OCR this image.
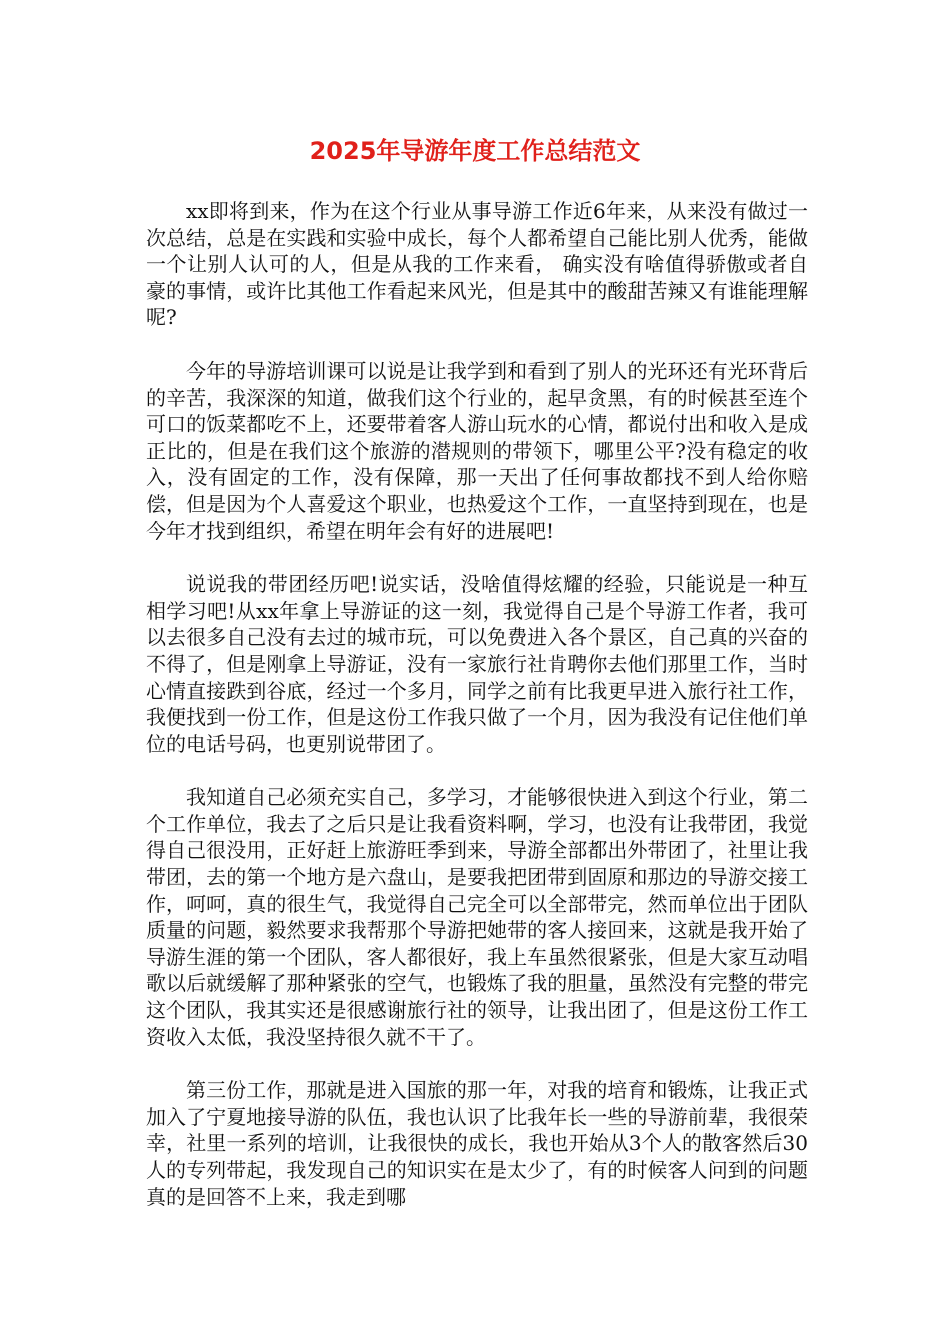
2025年导游年度工作总结范文

xx即将到来，作为在这个行业从事导游工作近6年来，从来没有做过一次总结，总是在实践和实验中成长，每个人都希望自己能比别人优秀，能做一个让别人认可的人，但是从我的工作来看， 确实没有啥值得骄傲或者自豪的事情，或许比其他工作看起来风光，但是其中的酸甜苦辣又有谁能理解呢?

今年的导游培训课可以说是让我学到和看到了别人的光环还有光环背后的辛苦，我深深的知道，做我们这个行业的，起早贪黑，有的时候甚至连个可口的饭菜都吃不上，还要带着客人游山玩水的心情，都说付出和收入是成正比的，但是在我们这个旅游的潜规则的带领下，哪里公平?没有稳定的收入，没有固定的工作，没有保障，那一天出了任何事故都找不到人给你赔偿，但是因为个人喜爱这个职业，也热爱这个工作，一直坚持到现在，也是今年才找到组织，希望在明年会有好的进展吧!

说说我的带团经历吧!说实话，没啥值得炫耀的经验，只能说是一种互相学习吧!从xx年拿上导游证的这一刻，我觉得自己是个导游工作者，我可以去很多自己没有去过的城市玩，可以免费进入各个景区，自己真的兴奋的不得了，但是刚拿上导游证，没有一家旅行社肯聘你去他们那里工作，当时心情直接跌到谷底，经过一个多月，同学之前有比我更早进入旅行社工作，我便找到一份工作，但是这份工作我只做了一个月，因为我没有记住他们单位的电话号码，也更别说带团了。

我知道自己必须充实自己，多学习，才能够很快进入到这个行业，第二个工作单位，我去了之后只是让我看资料啊，学习，也没有让我带团，我觉得自己很没用，正好赶上旅游旺季到来，导游全部都出外带团了，社里让我带团，去的第一个地方是六盘山，是要我把团带到固原和那边的导游交接工作，呵呵，真的很生气，我觉得自己完全可以全部带完，然而单位出于团队质量的问题，毅然要求我帮那个导游把她带的客人接回来，这就是我开始了导游生涯的第一个团队，客人都很好，我上车虽然很紧张，但是大家互动唱歌以后就缓解了那种紧张的空气，也锻炼了我的胆量，虽然没有完整的带完这个团队，我其实还是很感谢旅行社的领导，让我出团了，但是这份工作工资收入太低，我没坚持很久就不干了。

第三份工作，那就是进入国旅的那一年，对我的培育和锻炼，让我正式加入了宁夏地接导游的队伍，我也认识了比我年长一些的导游前辈，我很荣幸，社里一系列的培训，让我很快的成长，我也开始从3个人的散客然后30人的专列带起，我发现自己的知识实在是太少了，有的时候客人问到的问题真的是回答不上来，我走到哪
